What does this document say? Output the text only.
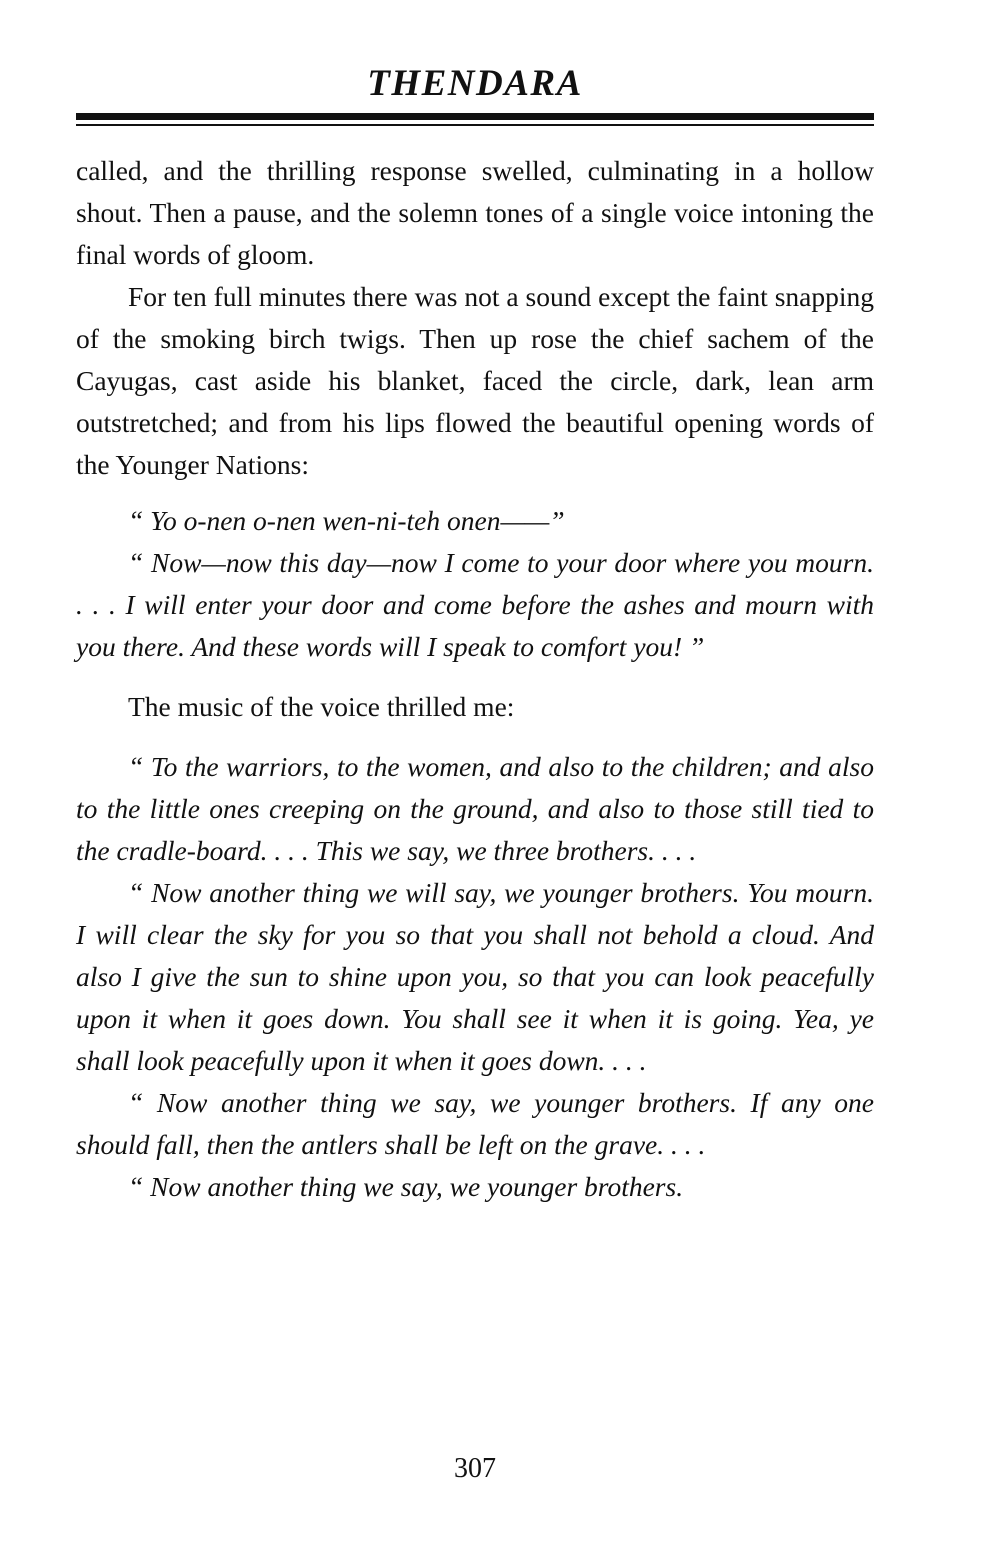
THENDARA

called, and the thrilling response swelled, culminating in a hollow shout. Then a pause, and the solemn tones of a single voice intoning the final words of gloom.

For ten full minutes there was not a sound except the faint snapping of the smoking birch twigs. Then up rose the chief sachem of the Cayugas, cast aside his blanket, faced the circle, dark, lean arm outstretched; and from his lips flowed the beautiful opening words of the Younger Nations:

“ Yo o-nen o-nen wen-ni-teh onen——”

“ Now—now this day—now I come to your door where you mourn. . . . I will enter your door and come before the ashes and mourn with you there. And these words will I speak to comfort you! ”

The music of the voice thrilled me:

“ To the warriors, to the women, and also to the children; and also to the little ones creeping on the ground, and also to those still tied to the cradle-board. . . . This we say, we three brothers. . . .

“ Now another thing we will say, we younger brothers. You mourn. I will clear the sky for you so that you shall not behold a cloud. And also I give the sun to shine upon you, so that you can look peacefully upon it when it goes down. You shall see it when it is going. Yea, ye shall look peacefully upon it when it goes down. . . .

“ Now another thing we say, we younger brothers. If any one should fall, then the antlers shall be left on the grave. . . .

“ Now another thing we say, we younger brothers.

307
